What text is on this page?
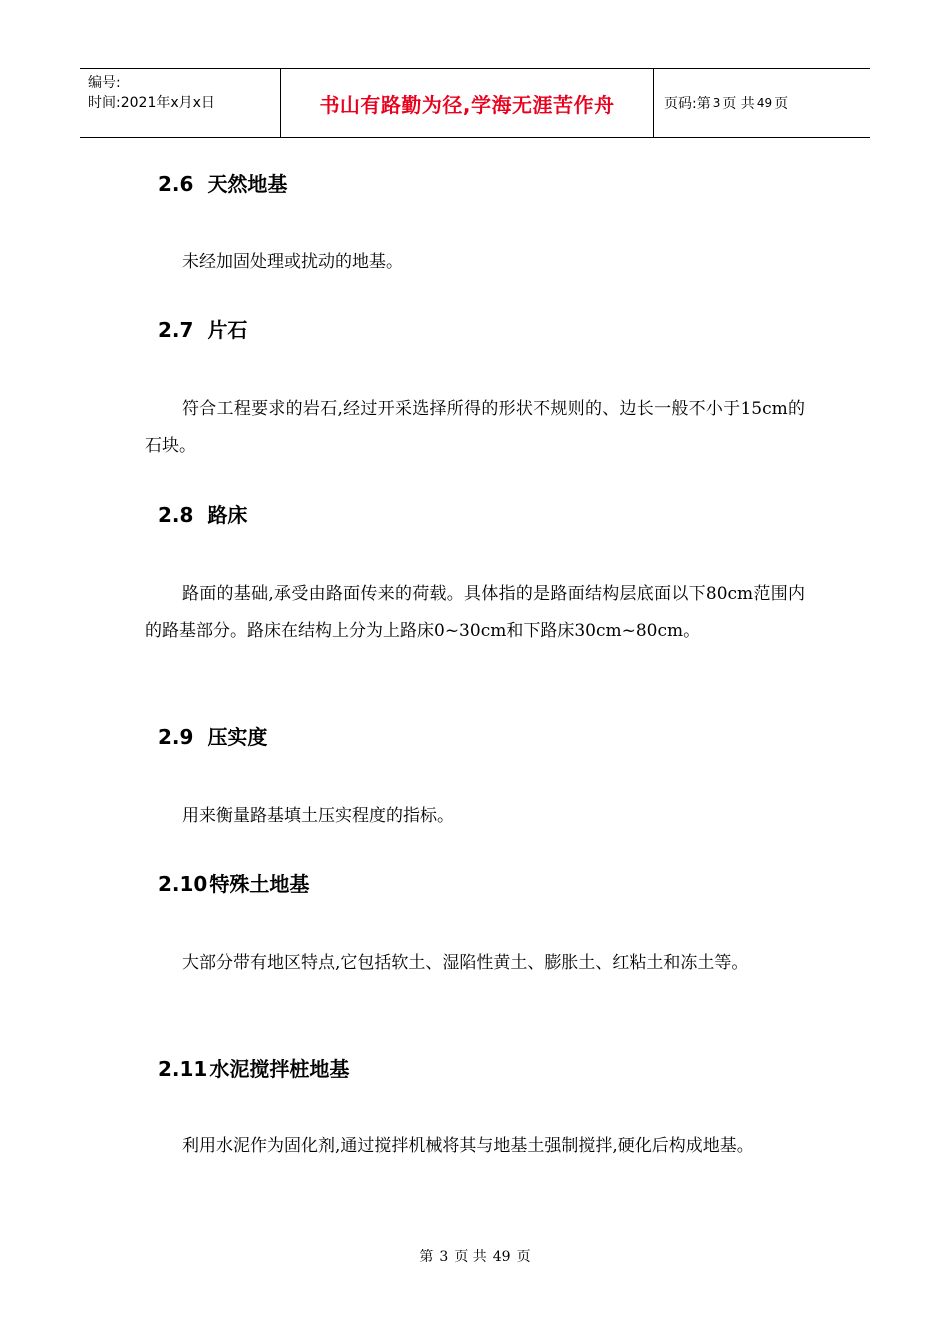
编号:
时间:2021年x月x日	书山有路勤为径,学海无涯苦作舟	页码:第 3 页 共 49 页
2.6 天然地基
未经加固处理或扰动的地基。
2.7 片石
符合工程要求的岩石,经过开采选择所得的形状不规则的、边长一般不小于15cm的石块。
2.8 路床
路面的基础,承受由路面传来的荷载。具体指的是路面结构层底面以下80cm范围内的路基部分。路床在结构上分为上路床0~30cm和下路床30cm~80cm。
2.9 压实度
用来衡量路基填土压实程度的指标。
2.10 特殊土地基
大部分带有地区特点,它包括软土、湿陷性黄土、膨胀土、红粘土和冻土等。
2.11 水泥搅拌桩地基
利用水泥作为固化剂,通过搅拌机械将其与地基土强制搅拌,硬化后构成地基。
第 3 页 共 49 页
